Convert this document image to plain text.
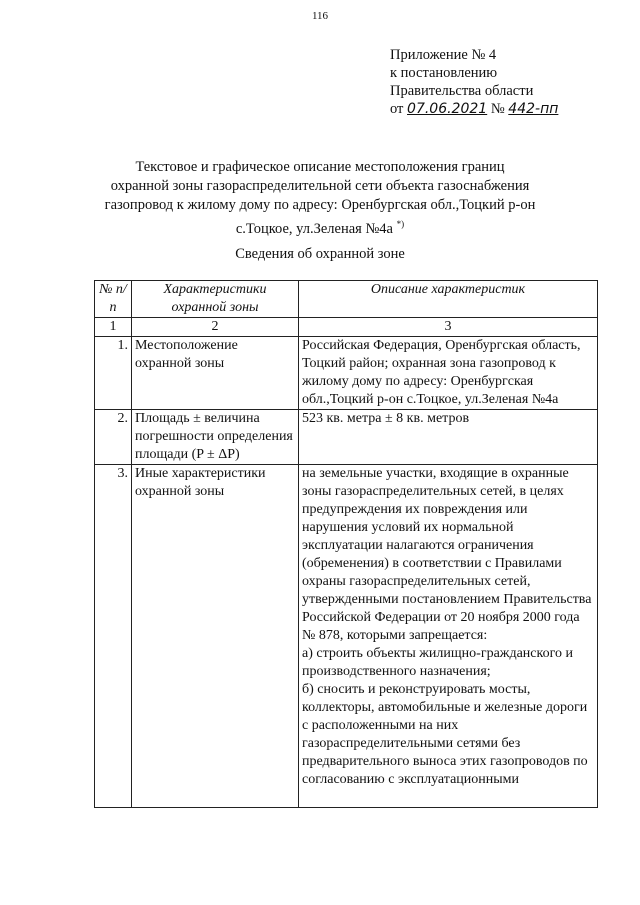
116
Приложение № 4
к постановлению
Правительства области
от 07.06.2021 № 442-пп
Текстовое и графическое описание местоположения границ
охранной зоны газораспределительной сети объекта газоснабжения
газопровод к жилому дому по адресу: Оренбургская обл.,Тоцкий р-он
с.Тоцкое, ул.Зеленая №4а *)
Сведения об охранной зоне
№ п/п	Характеристики охранной зоны	Описание характеристик
1	2	3
1.	Местоположение охранной зоны	Российская Федерация, Оренбургская область, Тоцкий район; охранная зона газопровод к жилому дому по адресу: Оренбургская обл.,Тоцкий р-он с.Тоцкое, ул.Зеленая №4а
2.	Площадь ± величина погрешности определения площади (P ± ΔP)	523 кв. метра ± 8 кв. метров
3.	Иные характеристики охранной зоны	на земельные участки, входящие в охранные зоны газораспределительных сетей, в целях предупреждения их повреждения или нарушения условий их нормальной эксплуатации налагаются ограничения (обременения) в соответствии с Правилами охраны газораспределительных сетей, утвержденными постановлением Правительства Российской Федерации от 20 ноября 2000 года № 878, которыми запрещается:
а) строить объекты жилищно-гражданского и производственного назначения;
б) сносить и реконструировать мосты, коллекторы, автомобильные и железные дороги с расположенными на них газораспределительными сетями без предварительного выноса этих газопроводов по согласованию с эксплуатационными
